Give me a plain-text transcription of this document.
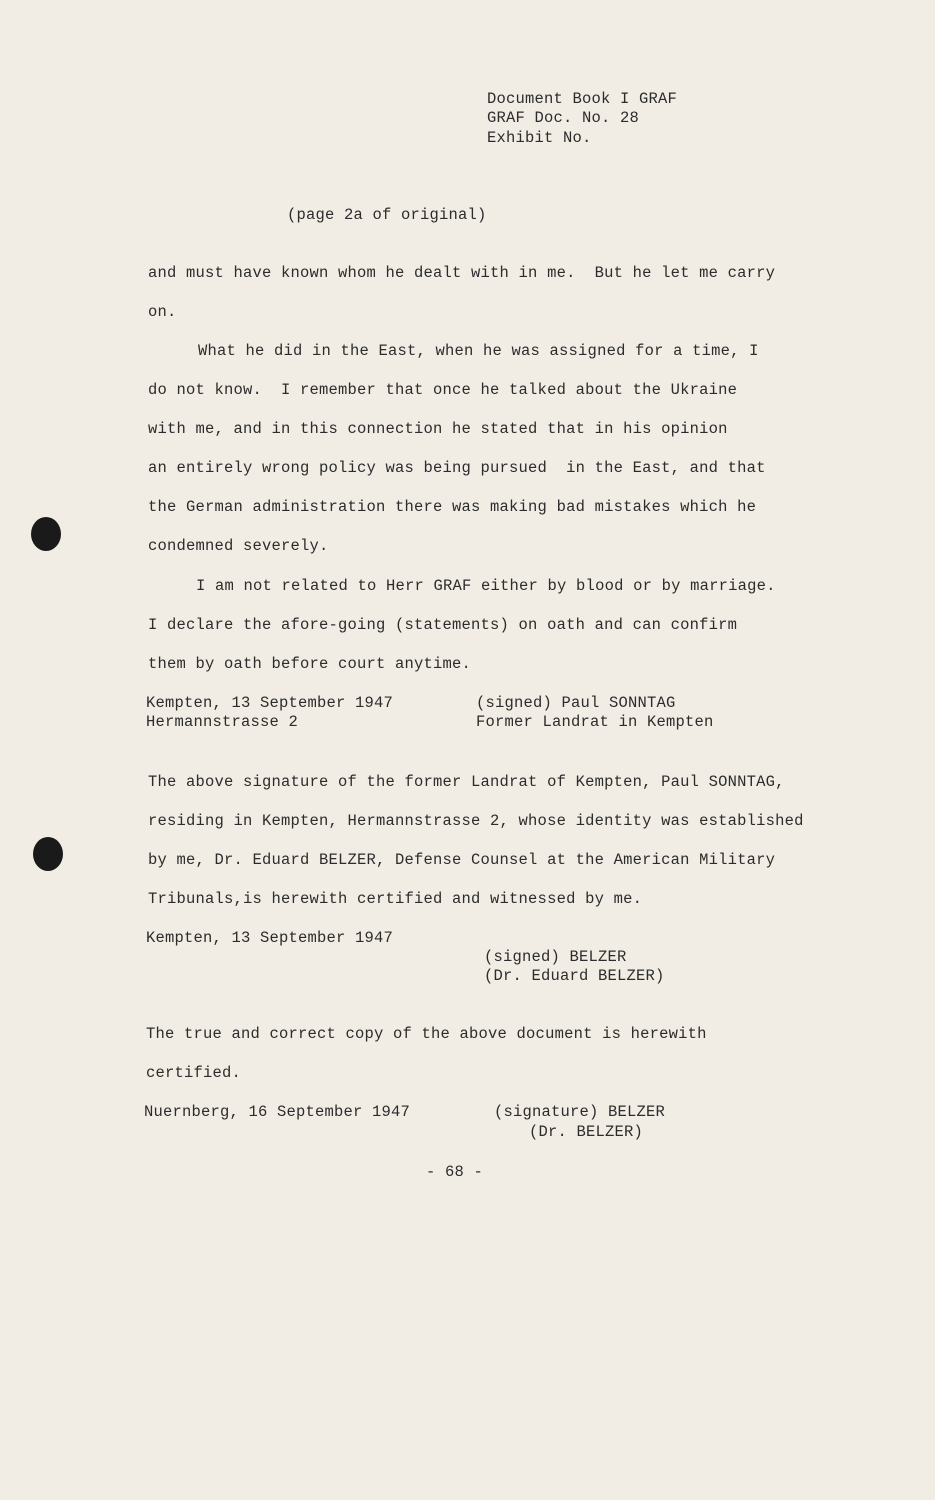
Document Book I GRAF
GRAF Doc. No. 28
Exhibit No.
(page 2a of original)
and must have known whom he dealt with in me.  But he let me carry
on.
What he did in the East, when he was assigned for a time, I
do not know.  I remember that once he talked about the Ukraine
with me, and in this connection he stated that in his opinion
an entirely wrong policy was being pursued  in the East, and that
the German administration there was making bad mistakes which he
condemned severely.
I am not related to Herr GRAF either by blood or by marriage.
I declare the afore-going (statements) on oath and can confirm
them by oath before court anytime.
Kempten, 13 September 1947
Hermannstrasse 2
(signed) Paul SONNTAG
Former Landrat in Kempten
The above signature of the former Landrat of Kempten, Paul SONNTAG,
residing in Kempten, Hermannstrasse 2, whose identity was established
by me, Dr. Eduard BELZER, Defense Counsel at the American Military
Tribunals,is herewith certified and witnessed by me.
Kempten, 13 September 1947
(signed) BELZER
(Dr. Eduard BELZER)
The true and correct copy of the above document is herewith
certified.
Nuernberg, 16 September 1947	(signature) BELZER
(Dr. BELZER)
- 68 -
